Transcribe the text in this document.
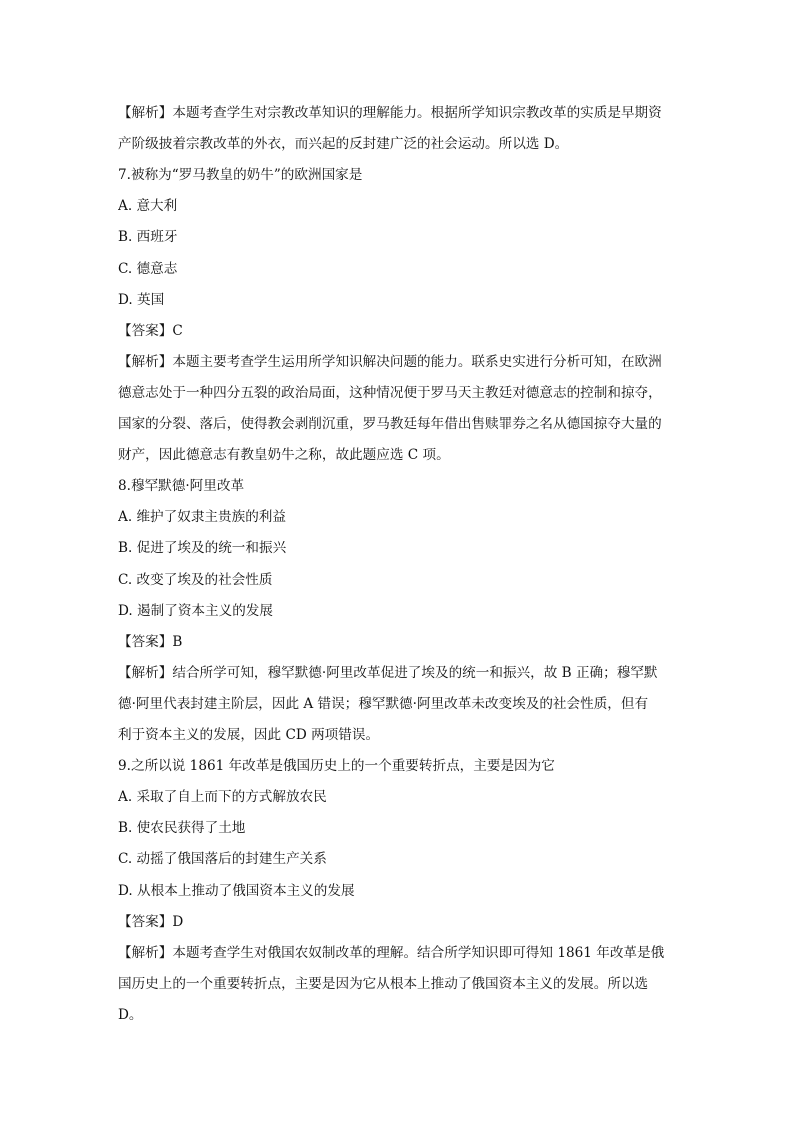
【解析】本题考查学生对宗教改革知识的理解能力。根据所学知识宗教改革的实质是早期资
产阶级披着宗教改革的外衣，而兴起的反封建广泛的社会运动。所以选 D。
7.被称为“罗马教皇的奶牛”的欧洲国家是
A. 意大利
B. 西班牙
C. 德意志
D. 英国
【答案】C
【解析】本题主要考查学生运用所学知识解决问题的能力。联系史实进行分析可知，在欧洲
德意志处于一种四分五裂的政治局面，这种情况便于罗马天主教廷对德意志的控制和掠夺，
国家的分裂、落后，使得教会剥削沉重，罗马教廷每年借出售赎罪券之名从德国掠夺大量的
财产，因此德意志有教皇奶牛之称，故此题应选 C 项。
8.穆罕默德·阿里改革
A. 维护了奴隶主贵族的利益
B. 促进了埃及的统一和振兴
C. 改变了埃及的社会性质
D. 遏制了资本主义的发展
【答案】B
【解析】结合所学可知，穆罕默德·阿里改革促进了埃及的统一和振兴，故 B 正确；穆罕默
德·阿里代表封建主阶层，因此 A 错误；穆罕默德·阿里改革未改变埃及的社会性质，但有
利于资本主义的发展，因此 CD 两项错误。
9.之所以说 1861 年改革是俄国历史上的一个重要转折点，主要是因为它
A. 采取了自上而下的方式解放农民
B. 使农民获得了土地
C. 动摇了俄国落后的封建生产关系
D. 从根本上推动了俄国资本主义的发展
【答案】D
【解析】本题考查学生对俄国农奴制改革的理解。结合所学知识即可得知 1861 年改革是俄
国历史上的一个重要转折点，主要是因为它从根本上推动了俄国资本主义的发展。所以选
D。
